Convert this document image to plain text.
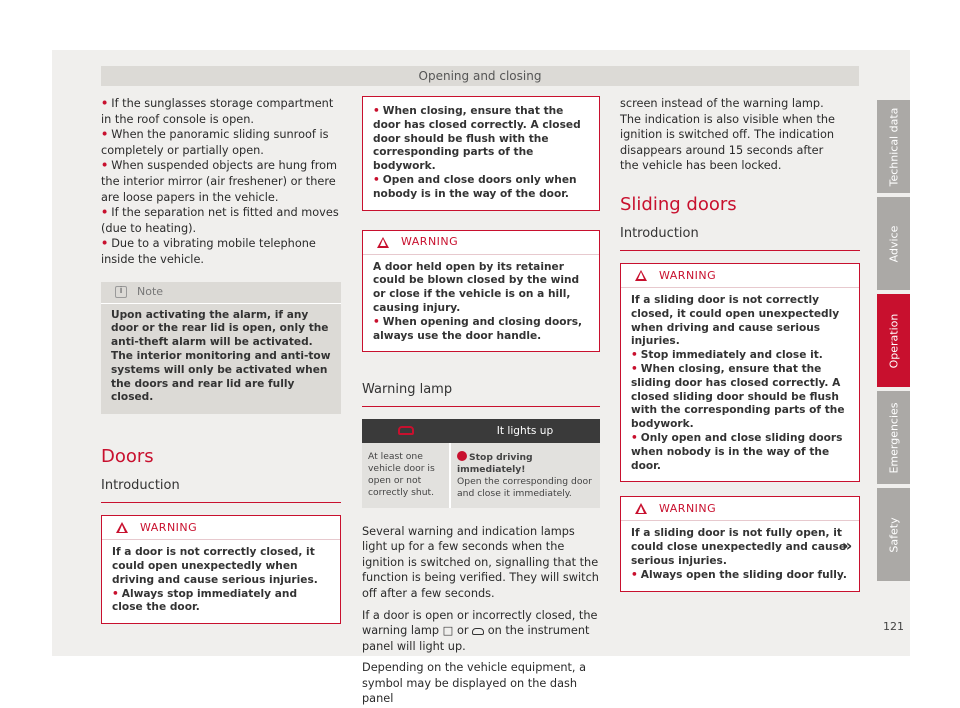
Opening and closing
• If the sunglasses storage compartment in the roof console is open.
• When the panoramic sliding sunroof is completely or partially open.
• When suspended objects are hung from the interior mirror (air freshener) or there are loose papers in the vehicle.
• If the separation net is fitted and moves (due to heating).
• Due to a vibrating mobile telephone inside the vehicle.
i	Note
Upon activating the alarm, if any door or the rear lid is open, only the anti-theft alarm will be activated. The interior monitoring and anti-tow systems will only be activated when the doors and rear lid are fully closed.
Doors
Introduction
WARNING
If a door is not correctly closed, it could open unexpectedly when driving and cause serious injuries.
• Always stop immediately and close the door.
• When closing, ensure that the door has closed correctly. A closed door should be flush with the corresponding parts of the bodywork.
• Open and close doors only when nobody is in the way of the door.
WARNING
A door held open by its retainer could be blown closed by the wind or close if the vehicle is on a hill, causing injury.
• When opening and closing doors, always use the door handle.
Warning lamp
	It lights up
At least one vehicle door is open or not correctly shut.	Stop driving immediately!
Open the corresponding door and close it immediately.
Several warning and indication lamps light up for a few seconds when the ignition is switched on, signalling that the function is being verified. They will switch off after a few seconds.
If a door is open or incorrectly closed, the warning lamp □ or on the instrument panel will light up.
Depending on the vehicle equipment, a symbol may be displayed on the dash panel
screen instead of the warning lamp. The indication is also visible when the ignition is switched off. The indication disappears around 15 seconds after the vehicle has been locked.
Sliding doors
Introduction
WARNING
If a sliding door is not correctly closed, it could open unexpectedly when driving and cause serious injuries.
• Stop immediately and close it.
• When closing, ensure that the sliding door has closed correctly. A closed sliding door should be flush with the corresponding parts of the bodywork.
• Only open and close sliding doors when nobody is in the way of the door.
WARNING
If a sliding door is not fully open, it could close unexpectedly and cause serious injuries.
• Always open the sliding door fully.
»
Technical data
Advice
Operation
Emergencies
Safety
121
